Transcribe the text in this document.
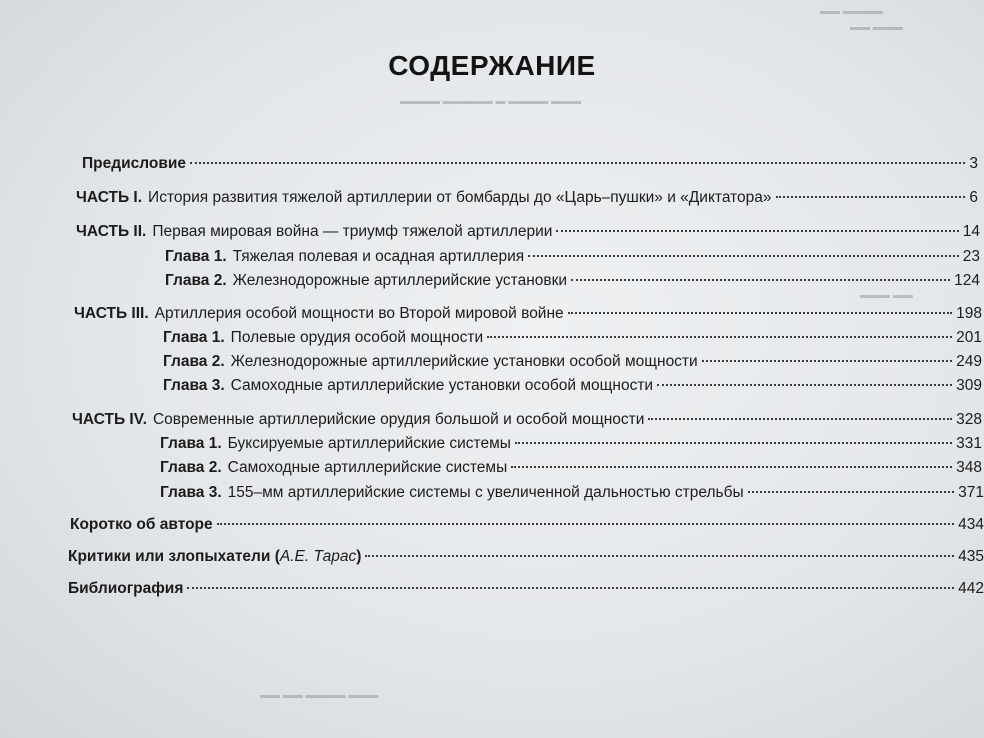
▬▬ ▬▬▬▬
▬▬ ▬▬▬
▬▬▬▬ ▬▬▬▬▬ ▬ ▬▬▬▬ ▬▬▬
▬▬▬ ▬▬
▬▬ ▬▬ ▬▬▬▬ ▬▬▬
СОДЕРЖАНИЕ
Предисловие	3
ЧАСТЬ I. История развития тяжелой артиллерии от бомбарды до «Царь–пушки» и «Диктатора»	6
ЧАСТЬ II. Первая мировая война — триумф тяжелой артиллерии	14
Глава 1. Тяжелая полевая и осадная артиллерия	23
Глава 2. Железнодорожные артиллерийские установки	124
ЧАСТЬ III. Артиллерия особой мощности во Второй мировой войне	198
Глава 1. Полевые орудия особой мощности	201
Глава 2. Железнодорожные артиллерийские установки особой мощности	249
Глава 3. Самоходные артиллерийские установки особой мощности	309
ЧАСТЬ IV. Современные артиллерийские орудия большой и особой мощности	328
Глава 1. Буксируемые артиллерийские системы	331
Глава 2. Самоходные артиллерийские системы	348
Глава 3. 155–мм артиллерийские системы с увеличенной дальностью стрельбы	371
Коротко об авторе	434
Критики или злопыхатели (А.Е. Тарас)	435
Библиография	442
